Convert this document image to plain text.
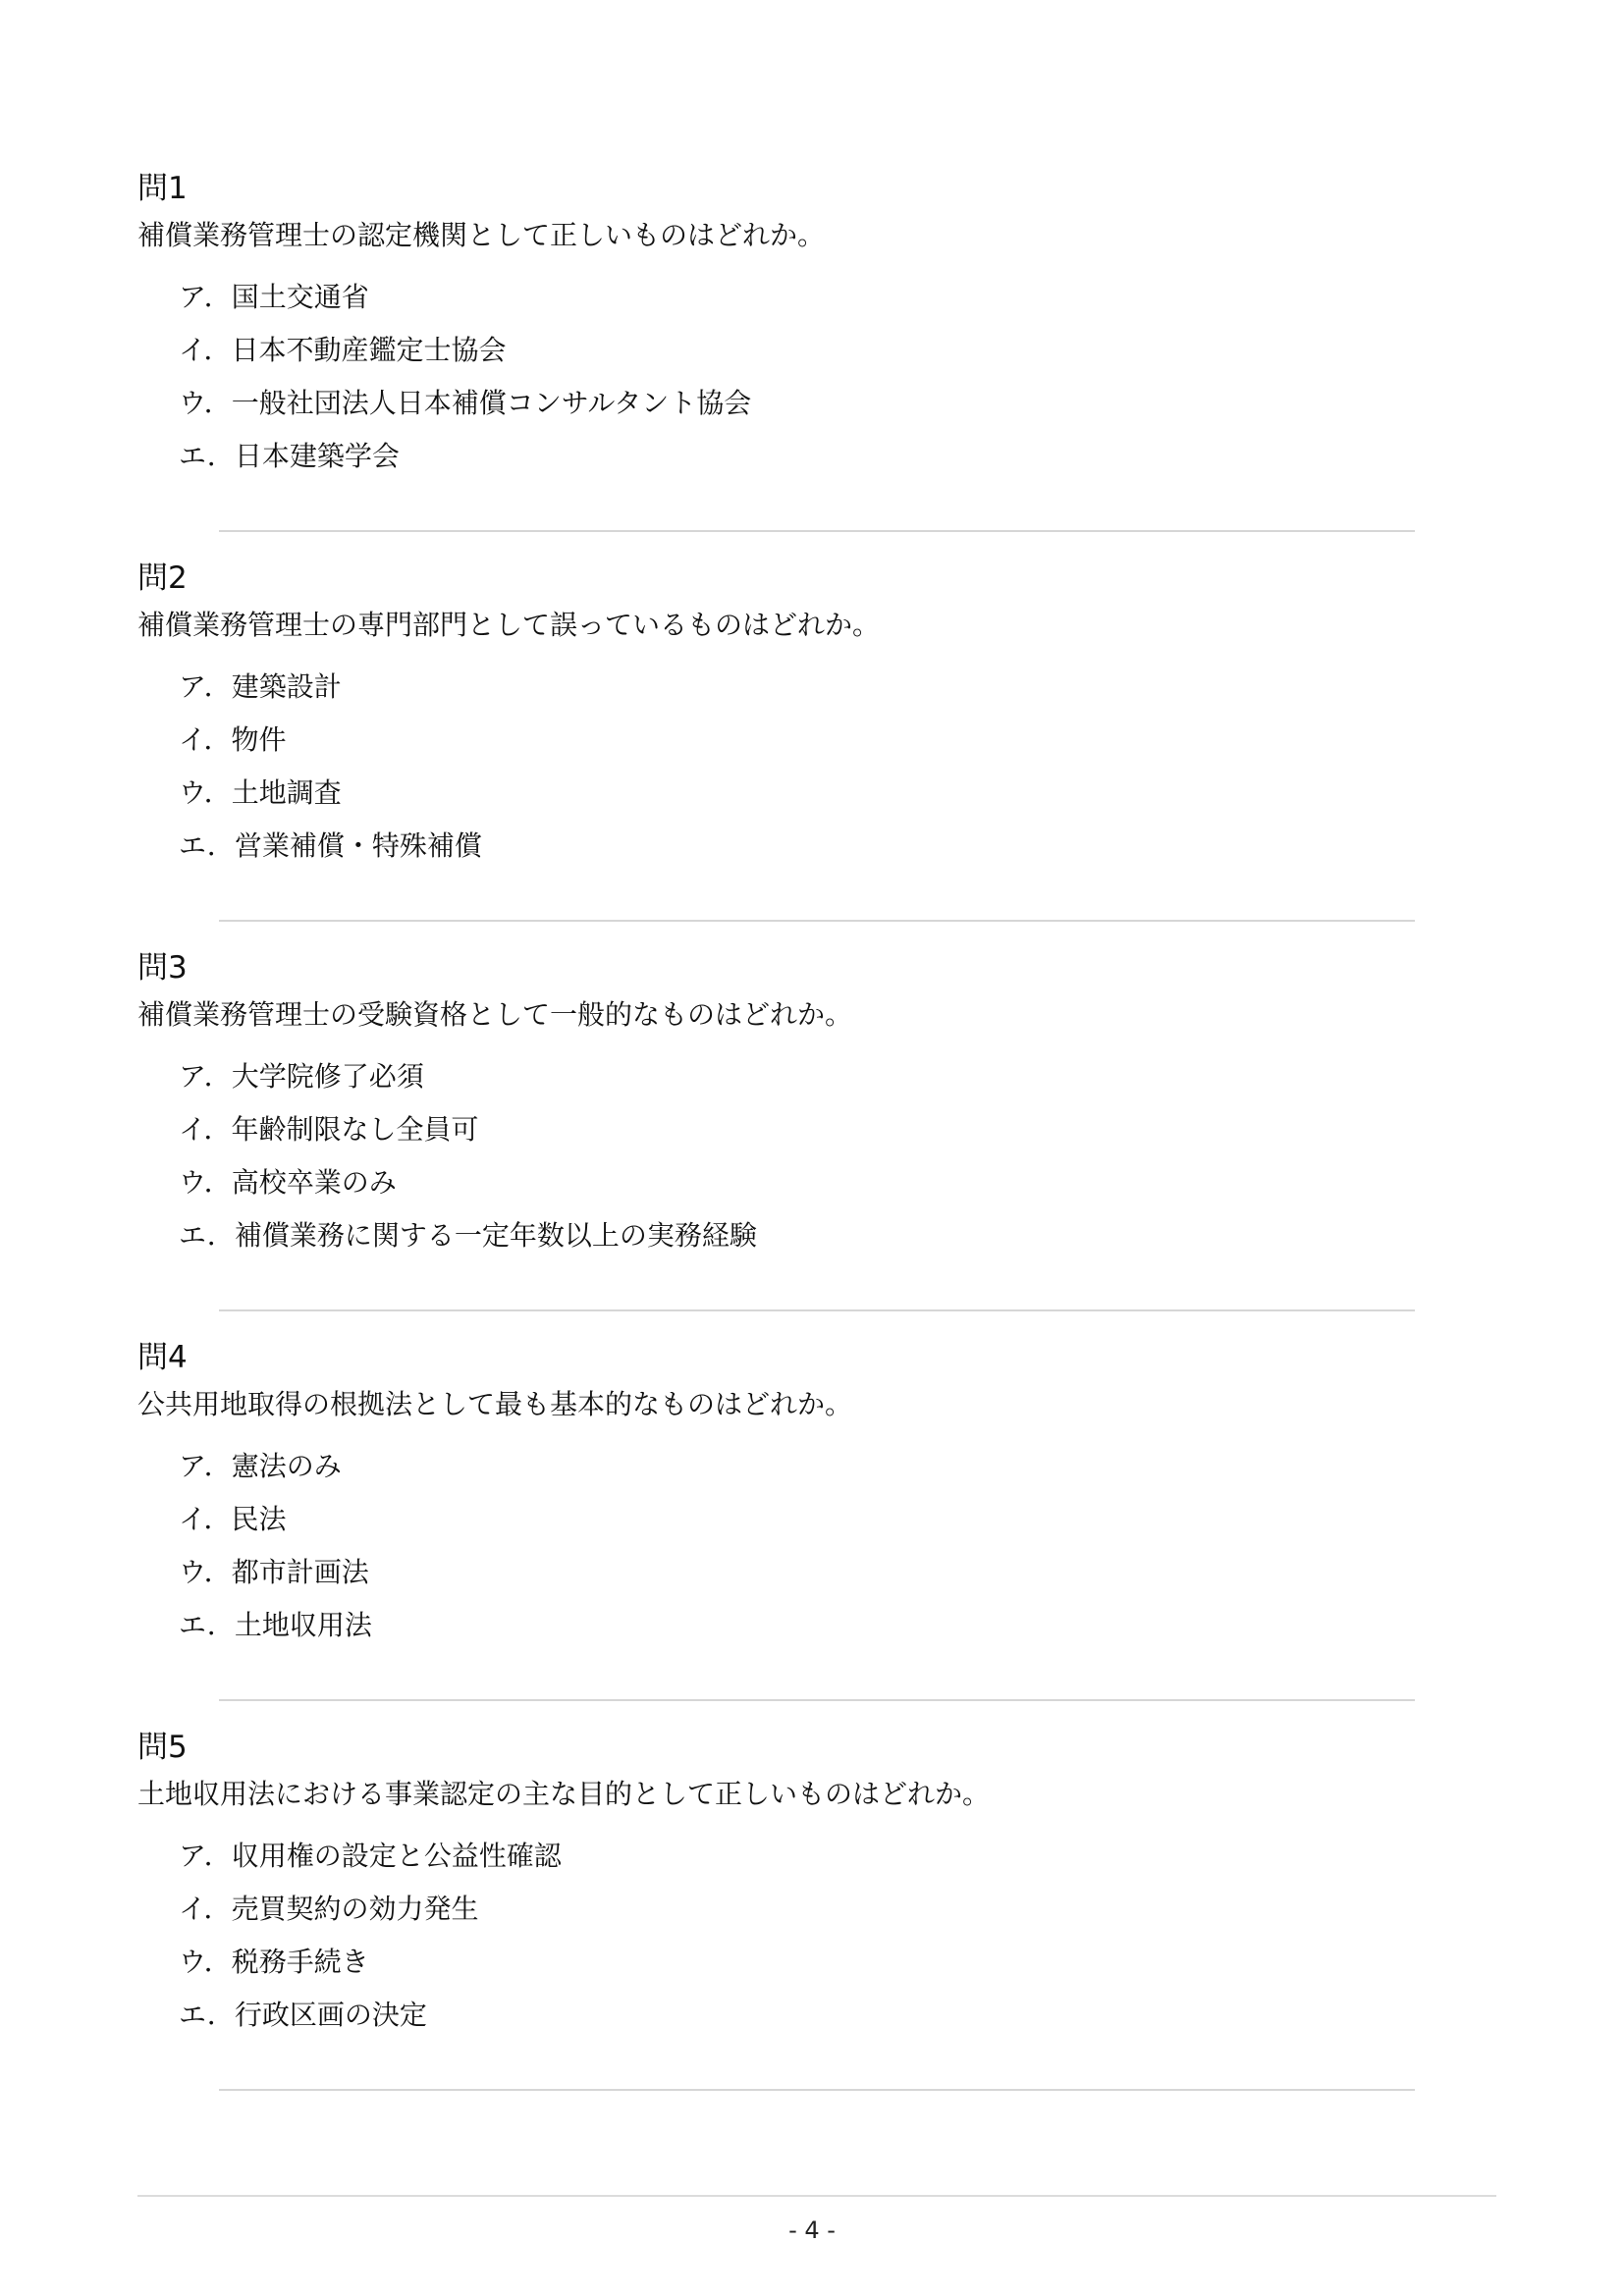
問1

補償業務管理士の認定機関として正しいものはどれか。

ア．国土交通省
イ．日本不動産鑑定士協会
ウ．一般社団法人日本補償コンサルタント協会
エ．日本建築学会
問2

補償業務管理士の専門部門として誤っているものはどれか。

ア．建築設計
イ．物件
ウ．土地調査
エ．営業補償・特殊補償
問3

補償業務管理士の受験資格として一般的なものはどれか。

ア．大学院修了必須
イ．年齢制限なし全員可
ウ．高校卒業のみ
エ．補償業務に関する一定年数以上の実務経験
問4

公共用地取得の根拠法として最も基本的なものはどれか。

ア．憲法のみ
イ．民法
ウ．都市計画法
エ．土地収用法
問5

土地収用法における事業認定の主な目的として正しいものはどれか。

ア．収用権の設定と公益性確認
イ．売買契約の効力発生
ウ．税務手続き
エ．行政区画の決定
- 4 -
